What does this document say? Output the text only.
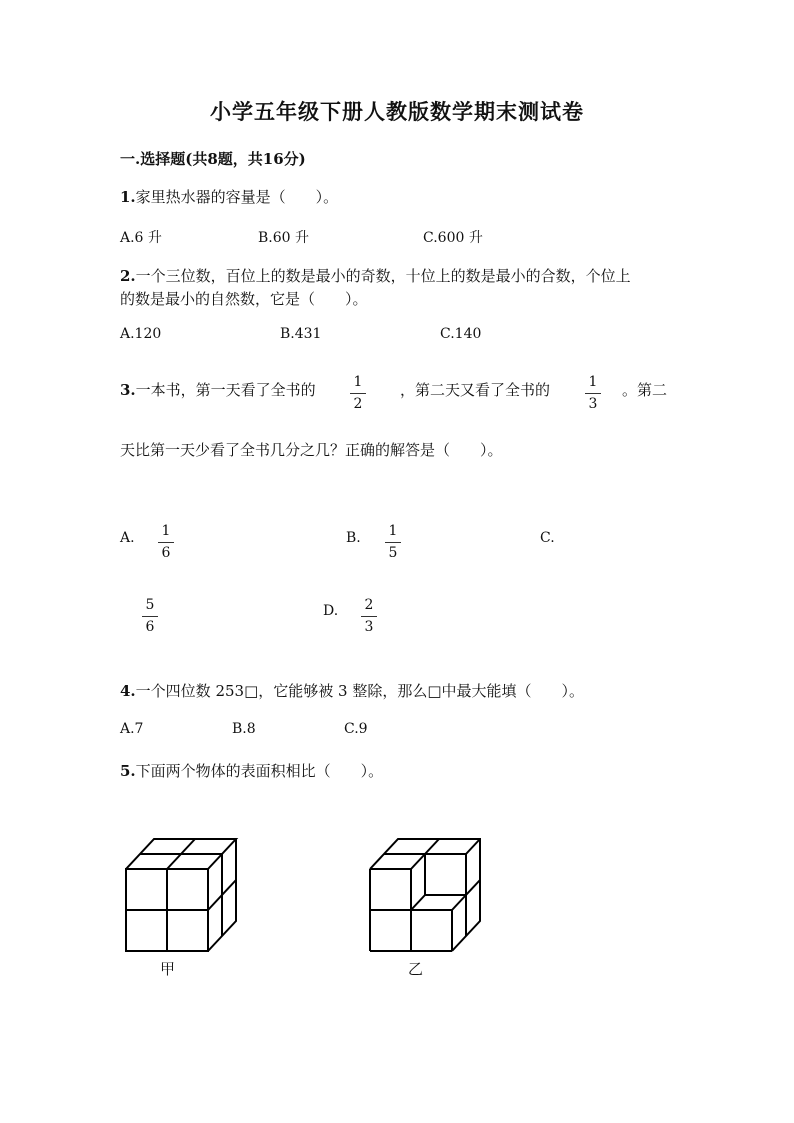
小学五年级下册人教版数学期末测试卷
一.选择题(共8题，共16分)
1.家里热水器的容量是（　　）。
A.6 升	B.60 升	C.600 升
2.一个三位数，百位上的数是最小的奇数，十位上的数是最小的合数，个位上
的数是最小的自然数，它是（　　）。
A.120	B.431	C.140
3.一本书，第一天看了全书的	1
2
，第二天又看了全书的	1
3
。第二
天比第一天少看了全书几分之几？正确的解答是（　　）。
A.	1
6
B.	1
5
C.
5
6
D.	2
3
4.一个四位数 253□，它能够被 3 整除，那么□中最大能填（　　）。
A.7	B.8	C.9
5.下面两个物体的表面积相比（　　）。
甲	乙
